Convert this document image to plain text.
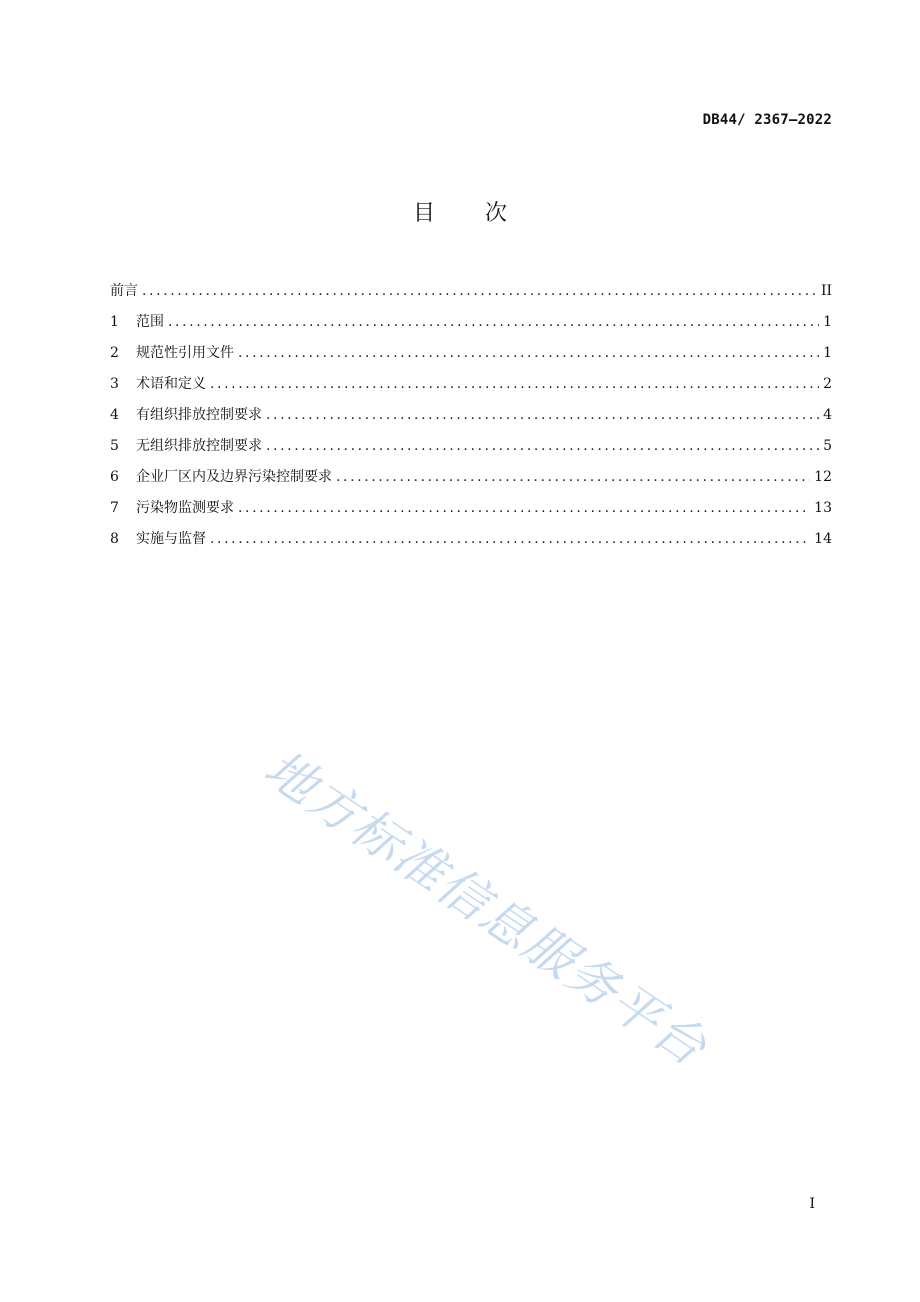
DB44/ 2367—2022
目 次
前言 .....	II
1	范围 .....	1
2	规范性引用文件 .....	1
3	术语和定义 .....	2
4	有组织排放控制要求 .....	4
5	无组织排放控制要求 .....	5
6	企业厂区内及边界污染控制要求 .....	12
7	污染物监测要求 .....	13
8	实施与监督 .....	14
地方标准信息服务平台
I
